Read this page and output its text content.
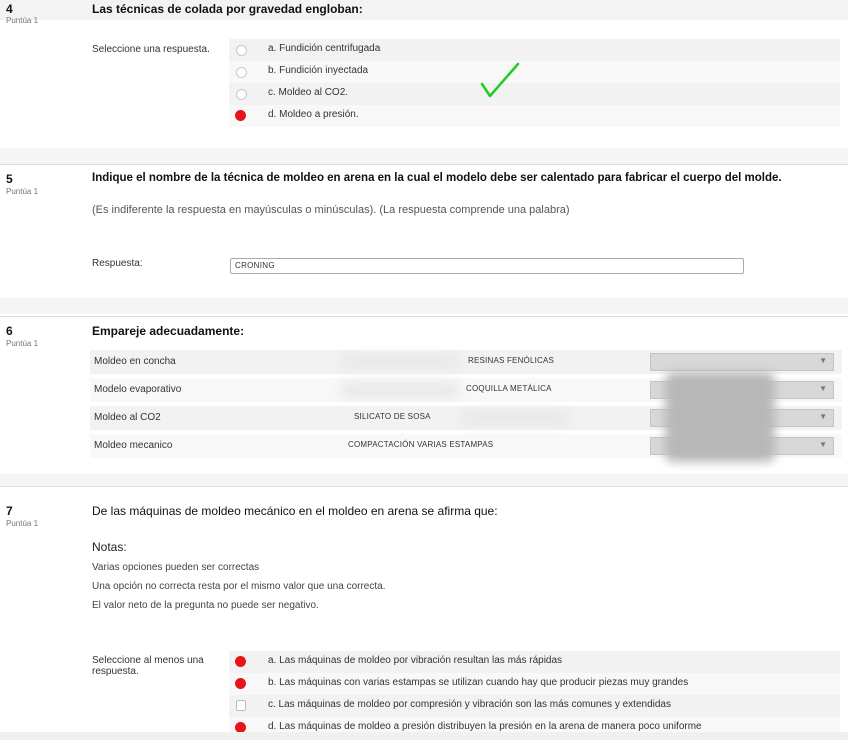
4
Puntúa 1
Las técnicas de colada por gravedad engloban:
Seleccione una respuesta.	a. Fundición centrifugada
b. Fundición inyectada
c. Moldeo al CO2.
d. Moldeo a presión.
5
Puntúa 1
Indique el nombre de la técnica de moldeo en arena en la cual el modelo debe ser calentado para fabricar el cuerpo del molde.
(Es indiferente la respuesta en mayúsculas o minúsculas). (La respuesta comprende una palabra)
Respuesta:	CRONING
6
Puntúa 1
Empareje adecuadamente:
Moldeo en concha	RESINAS FENÓLICAS	▼
Modelo evaporativo	COQUILLA METÁLICA	▼
Moldeo al CO2	SILICATO DE SOSA	▼
Moldeo mecanico	COMPACTACIÓN VARIAS ESTAMPAS	▼
7
Puntúa 1
De las máquinas de moldeo mecánico en el moldeo en arena se afirma que:

Notas:

Varias opciones pueden ser correctas

Una opción no correcta resta por el mismo valor que una correcta.

El valor neto de la pregunta no puede ser negativo.

Seleccione al menos una respuesta.
a. Las máquinas de moldeo por vibración resultan las más rápidas
b. Las máquinas con varias estampas se utilizan cuando hay que producir piezas muy grandes
c. Las máquinas de moldeo por compresión y vibración son las más comunes y extendidas
d. Las máquinas de moldeo a presión distribuyen la presión en la arena de manera poco uniforme
